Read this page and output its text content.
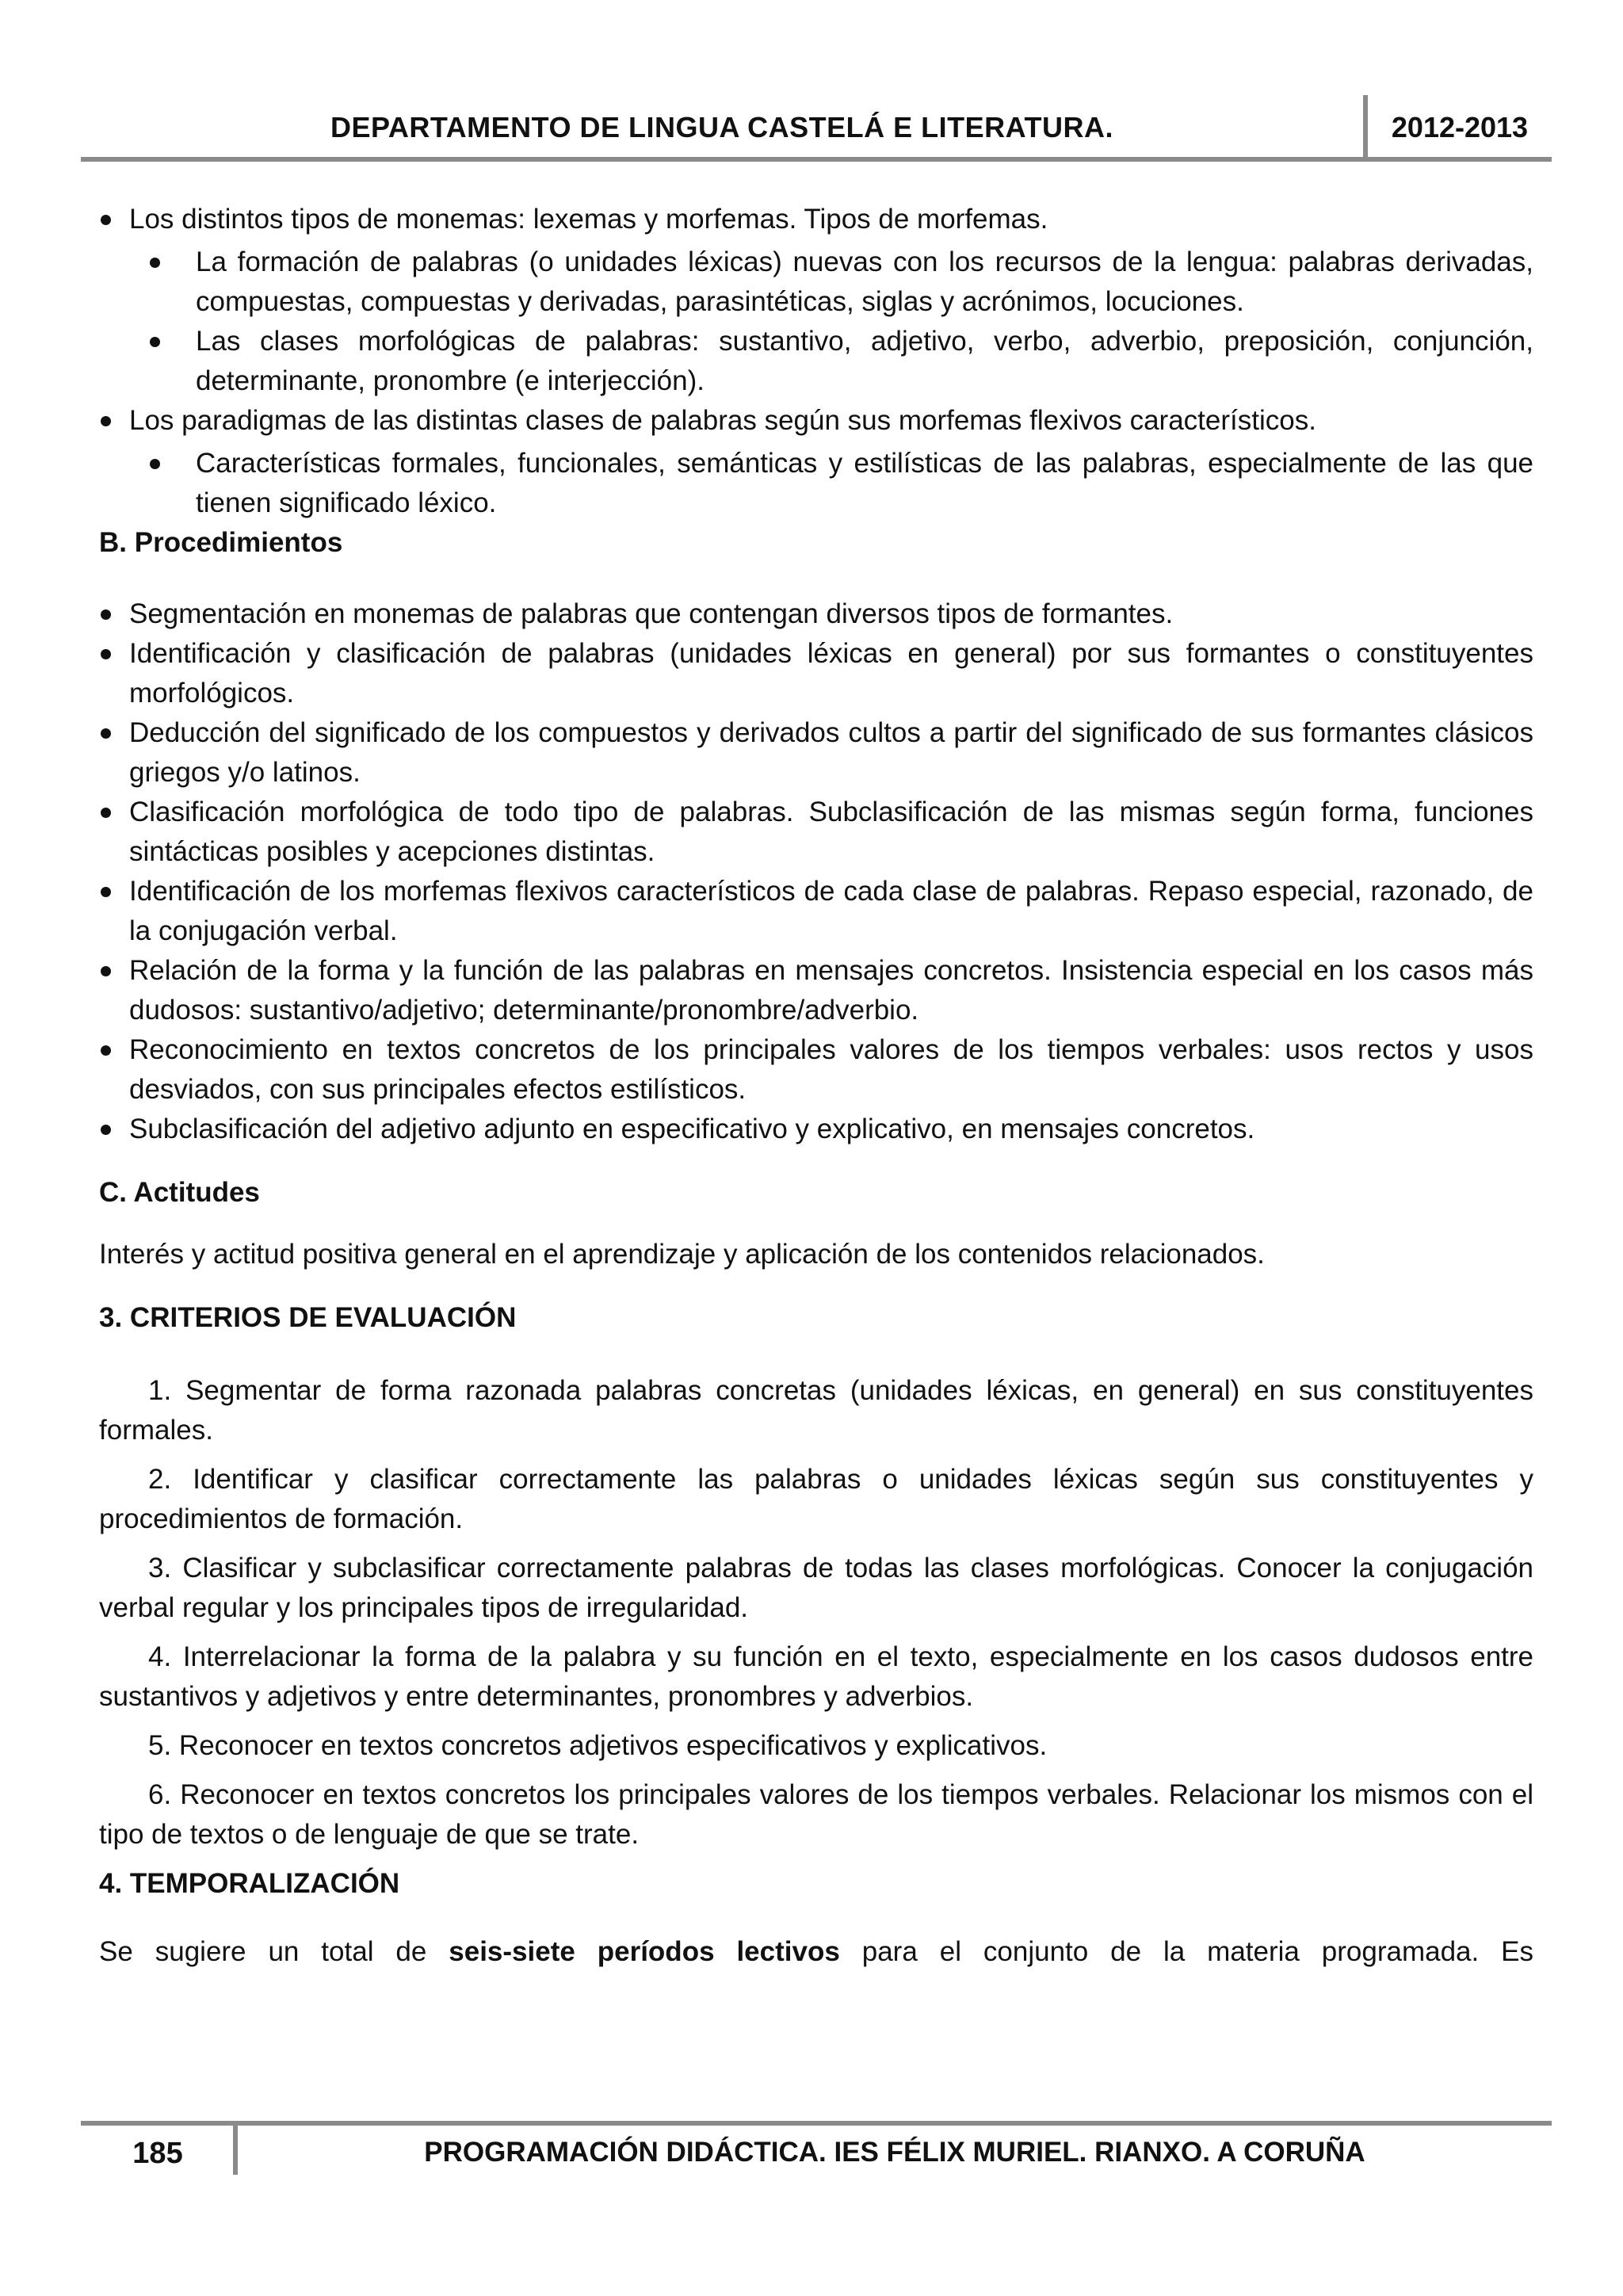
DEPARTAMENTO DE LINGUA CASTELÁ E LITERATURA.	2012-2013

Los distintos tipos de monemas: lexemas y morfemas. Tipos de morfemas.

La formación de palabras (o unidades léxicas) nuevas con los recursos de la lengua: palabras derivadas, compuestas, compuestas y derivadas, parasintéticas, siglas y acrónimos, locuciones.

Las clases morfológicas de palabras: sustantivo, adjetivo, verbo, adverbio, preposición, conjunción, determinante, pronombre (e interjección).

Los paradigmas de las distintas clases de palabras según sus morfemas flexivos característicos.

Características formales, funcionales, semánticas y estilísticas de las palabras, especialmente de las que tienen significado léxico.

B. Procedimientos

Segmentación en monemas de palabras que contengan diversos tipos de formantes.

Identificación y clasificación de palabras (unidades léxicas en general) por sus formantes o constituyentes morfológicos.

Deducción del significado de los compuestos y derivados cultos a partir del significado de sus formantes clásicos griegos y/o latinos.

Clasificación morfológica de todo tipo de palabras. Subclasificación de las mismas según forma, funciones sintácticas posibles y acepciones distintas.

Identificación de los morfemas flexivos característicos de cada clase de palabras. Repaso especial, razonado, de la conjugación verbal.

Relación de la forma y la función de las palabras en mensajes concretos. Insistencia especial en los casos más dudosos: sustantivo/adjetivo; determinante/pronombre/adverbio.

Reconocimiento en textos concretos de los principales valores de los tiempos verbales: usos rectos y usos desviados, con sus principales efectos estilísticos.

Subclasificación del adjetivo adjunto en especificativo y explicativo, en mensajes concretos.

C. Actitudes

Interés y actitud positiva general en el aprendizaje y aplicación de los contenidos relacionados.

3. CRITERIOS DE EVALUACIÓN

1. Segmentar de forma razonada palabras concretas (unidades léxicas, en general) en sus constituyentes formales.

2. Identificar y clasificar correctamente las palabras o unidades léxicas según sus constituyentes y procedimientos de formación.

3. Clasificar y subclasificar correctamente palabras de todas las clases morfológicas. Conocer la conjugación verbal regular y los principales tipos de irregularidad.

4. Interrelacionar la forma de la palabra y su función en el texto, especialmente en los casos dudosos entre sustantivos y adjetivos y entre determinantes, pronombres y adverbios.

5. Reconocer en textos concretos adjetivos especificativos y explicativos.

6. Reconocer en textos concretos los principales valores de los tiempos verbales. Relacionar los mismos con el tipo de textos o de lenguaje de que se trate.

4. TEMPORALIZACIÓN

Se sugiere un total de seis-siete períodos lectivos para el conjunto de la materia programada. Es

185	PROGRAMACIÓN DIDÁCTICA. IES FÉLIX MURIEL. RIANXO. A CORUÑA
